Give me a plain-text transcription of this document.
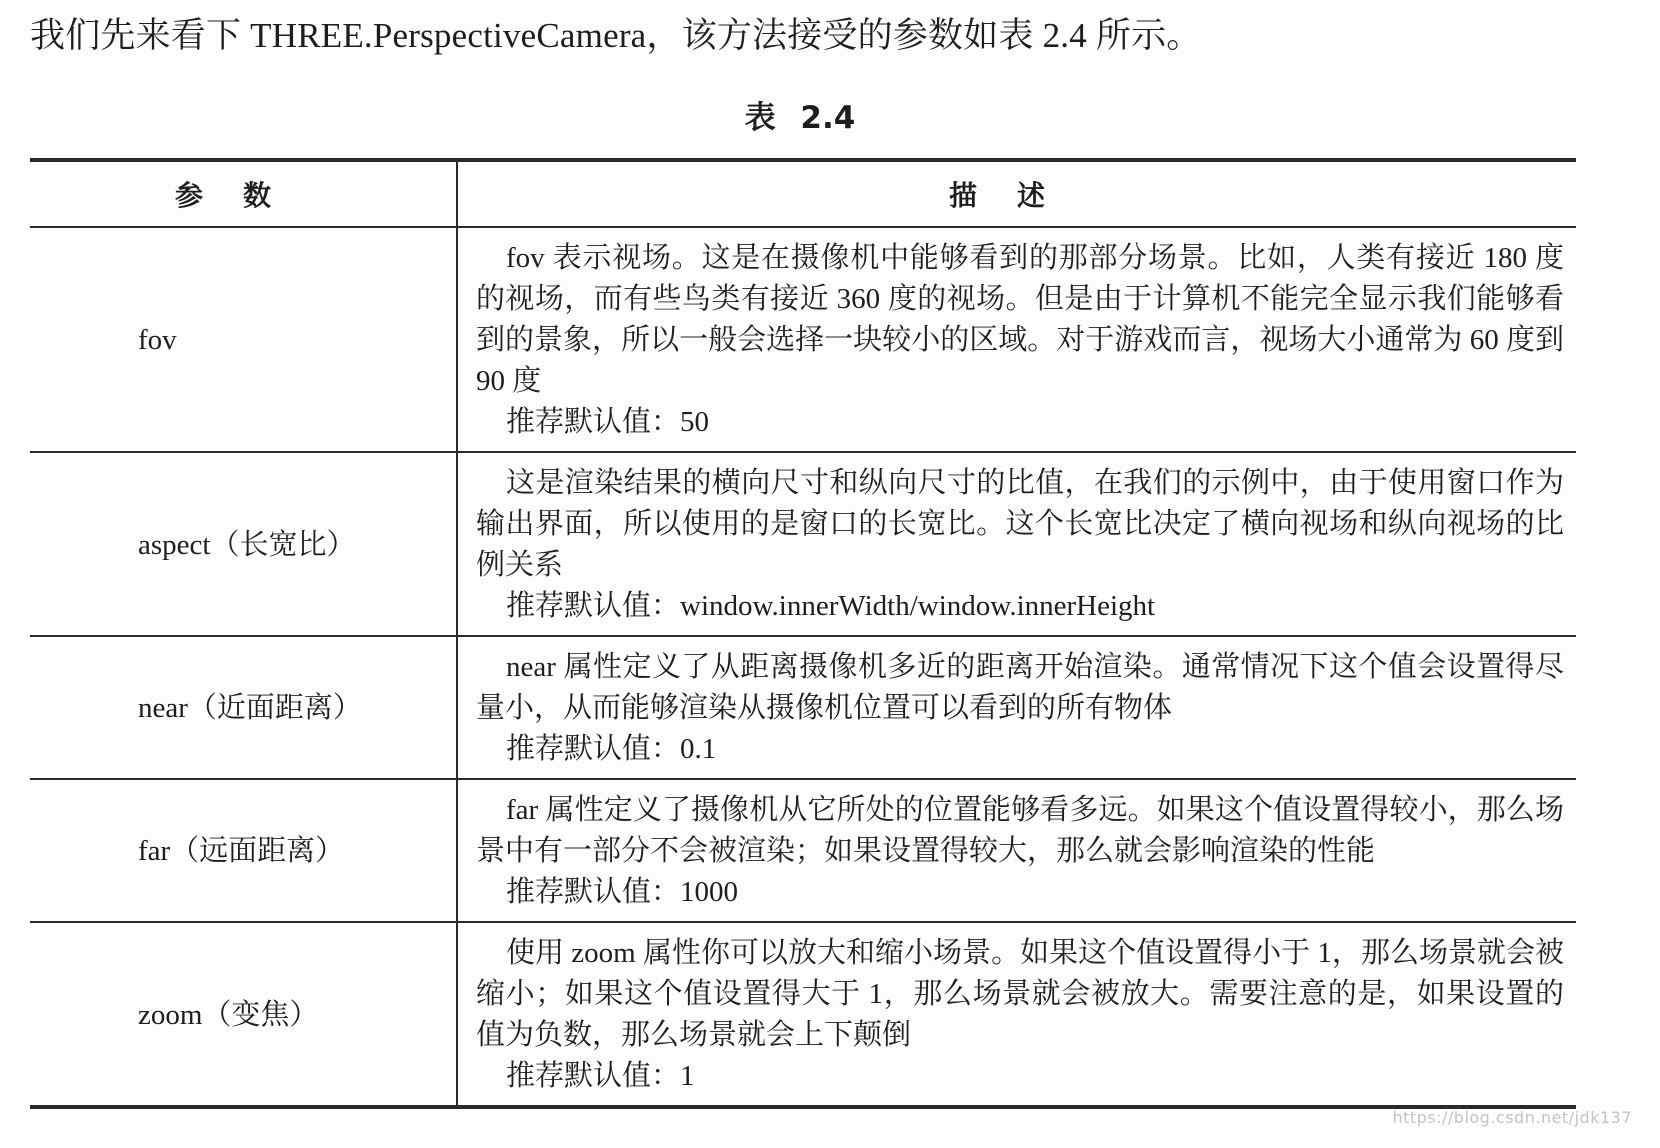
我们先来看下 THREE.PerspectiveCamera，该方法接受的参数如表 2.4 所示。
表 2.4
参数	描述
fov	fov 表示视场。这是在摄像机中能够看到的那部分场景。比如，人类有接近 180 度的视场，而有些鸟类有接近 360 度的视场。但是由于计算机不能完全显示我们能够看到的景象，所以一般会选择一块较小的区域。对于游戏而言，视场大小通常为 60 度到 90 度
推荐默认值：50

aspect（长宽比）	这是渲染结果的横向尺寸和纵向尺寸的比值，在我们的示例中，由于使用窗口作为输出界面，所以使用的是窗口的长宽比。这个长宽比决定了横向视场和纵向视场的比例关系
推荐默认值：window.innerWidth/window.innerHeight

near（近面距离）	near 属性定义了从距离摄像机多近的距离开始渲染。通常情况下这个值会设置得尽量小，从而能够渲染从摄像机位置可以看到的所有物体
推荐默认值：0.1

far（远面距离）	far 属性定义了摄像机从它所处的位置能够看多远。如果这个值设置得较小，那么场景中有一部分不会被渲染；如果设置得较大，那么就会影响渲染的性能
推荐默认值：1000

zoom（变焦）	使用 zoom 属性你可以放大和缩小场景。如果这个值设置得小于 1，那么场景就会被缩小；如果这个值设置得大于 1，那么场景就会被放大。需要注意的是，如果设置的值为负数，那么场景就会上下颠倒
推荐默认值：1
https://blog.csdn.net/jdk137
